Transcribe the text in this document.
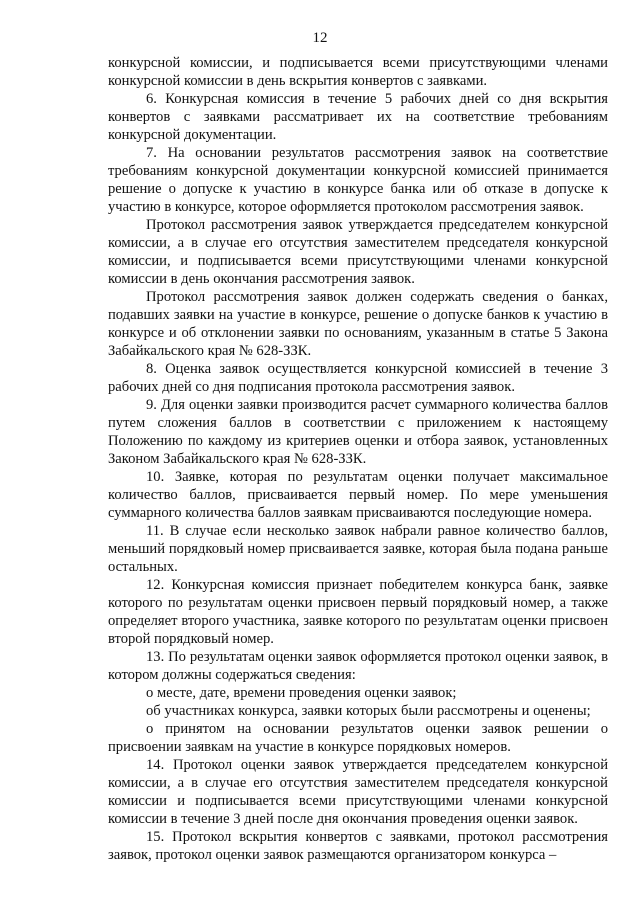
12

конкурсной комиссии, и подписывается всеми присутствующими членами конкурсной комиссии в день вскрытия конвертов с заявками.

6. Конкурсная комиссия в течение 5 рабочих дней со дня вскрытия конвертов с заявками рассматривает их на соответствие требованиям конкурсной документации.

7. На основании результатов рассмотрения заявок на соответствие требованиям конкурсной документации конкурсной комиссией принимается решение о допуске к участию в конкурсе банка или об отказе в допуске к участию в конкурсе, которое оформляется протоколом рассмотрения заявок.

Протокол рассмотрения заявок утверждается председателем конкурсной комиссии, а в случае его отсутствия заместителем председателя конкурсной комиссии, и подписывается всеми присутствующими членами конкурсной комиссии в день окончания рассмотрения заявок.

Протокол рассмотрения заявок должен содержать сведения о банках, подавших заявки на участие в конкурсе, решение о допуске банков к участию в конкурсе и об отклонении заявки по основаниям, указанным в статье 5 Закона Забайкальского края № 628-ЗЗК.

8. Оценка заявок осуществляется конкурсной комиссией в течение 3 рабочих дней со дня подписания протокола рассмотрения заявок.

9. Для оценки заявки производится расчет суммарного количества баллов путем сложения баллов в соответствии с приложением к настоящему Положению по каждому из критериев оценки и отбора заявок, установленных Законом Забайкальского края № 628-ЗЗК.

10. Заявке, которая по результатам оценки получает максимальное количество баллов, присваивается первый номер. По мере уменьшения суммарного количества баллов заявкам присваиваются последующие номера.

11. В случае если несколько заявок набрали равное количество баллов, меньший порядковый номер присваивается заявке, которая была подана раньше остальных.

12. Конкурсная комиссия признает победителем конкурса банк, заявке которого по результатам оценки присвоен первый порядковый номер, а также определяет второго участника, заявке которого по результатам оценки присвоен второй порядковый номер.

13. По результатам оценки заявок оформляется протокол оценки заявок, в котором должны содержаться сведения:

о месте, дате, времени проведения оценки заявок;

об участниках конкурса, заявки которых были рассмотрены и оценены;

о принятом на основании результатов оценки заявок решении о присвоении заявкам на участие в конкурсе порядковых номеров.

14. Протокол оценки заявок утверждается председателем конкурсной комиссии, а в случае его отсутствия заместителем председателя конкурсной комиссии и подписывается всеми присутствующими членами конкурсной комиссии в течение 3 дней после дня окончания проведения оценки заявок.

15. Протокол вскрытия конвертов с заявками, протокол рассмотрения заявок, протокол оценки заявок размещаются организатором конкурса –
